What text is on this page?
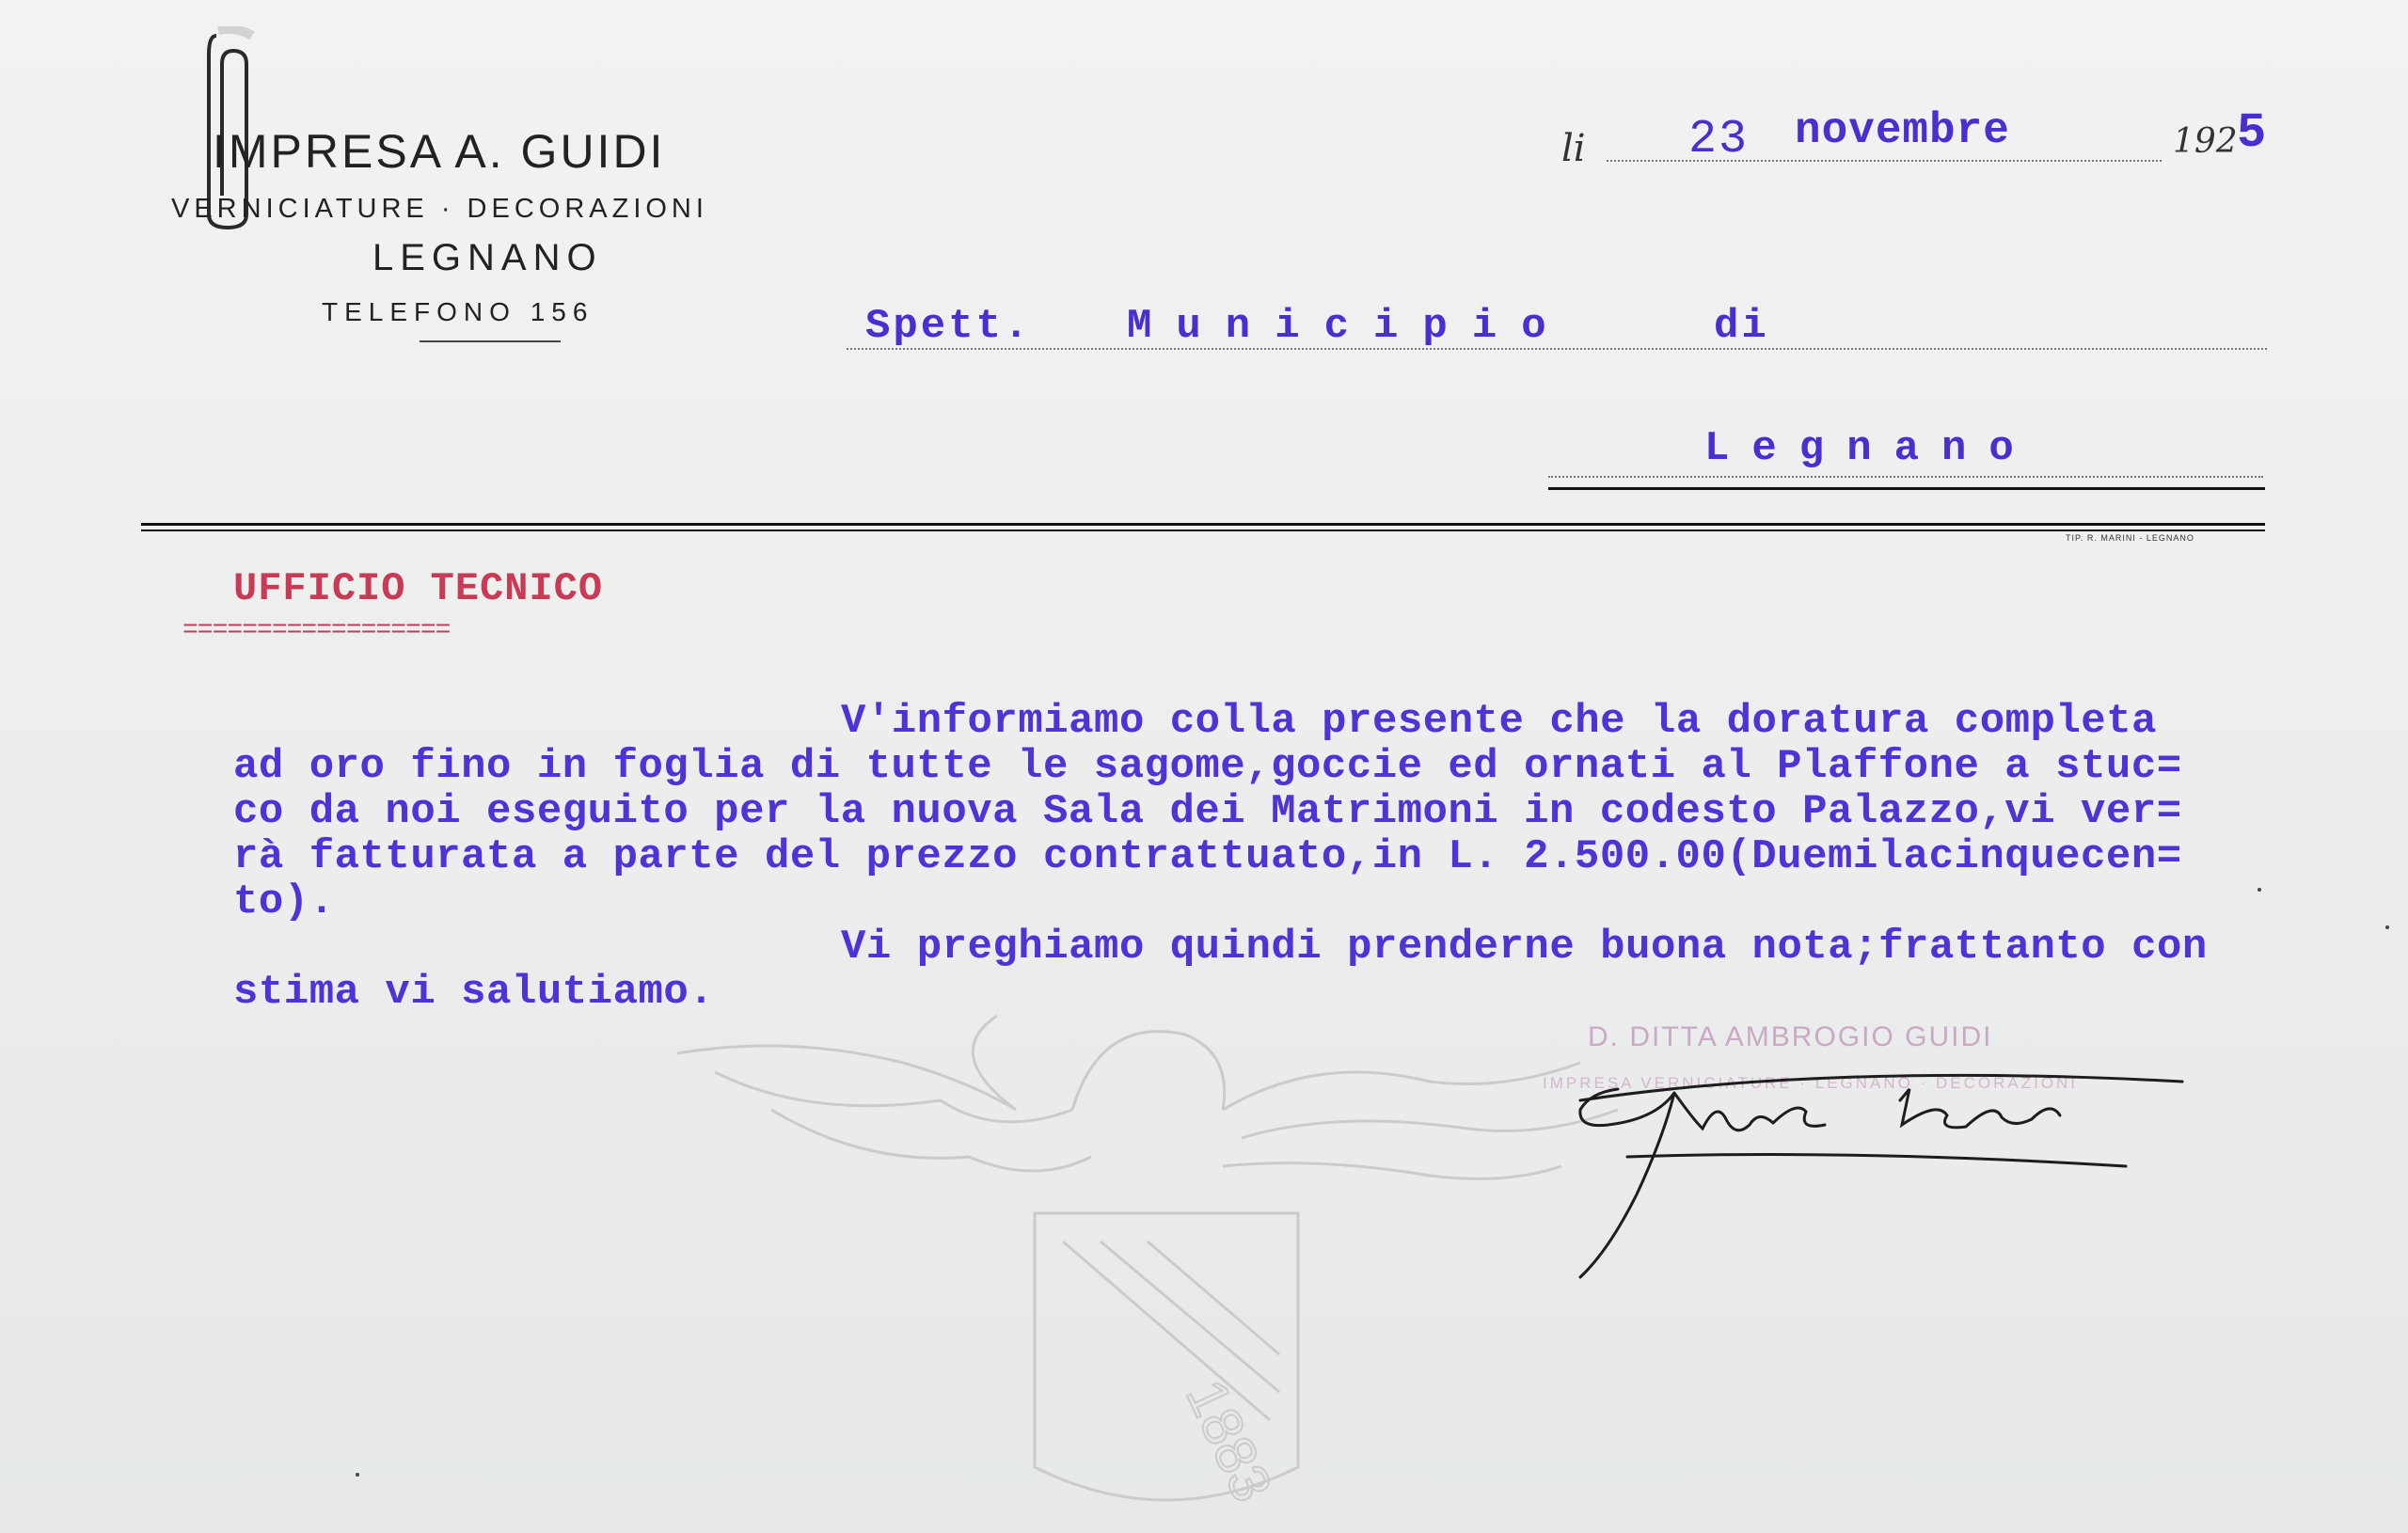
IMPRESA A. GUIDI
VERNICIATURE · DECORAZIONI
LEGNANO
TELEFONO 156
li 23 novembre	192 5
Spett. Municipio	di
Legnano
TIP. R. MARINI - LEGNANO
UFFICIO TECNICO
==================
V'informiamo colla presente che la doratura completa
ad oro fino in foglia di tutte le sagome,goccie ed ornati al Plaffone a stuc=
co da noi eseguito per la nuova Sala dei Matrimoni in codesto Palazzo,vi ver=
rà fatturata a parte del prezzo contrattuato,in L. 2.500.00(Duemilacinquecen=
to).
Vi preghiamo quindi prenderne buona nota;frattanto con
stima vi salutiamo.
1883
D. DITTA AMBROGIO GUIDI
IMPRESA VERNICIATURE · LEGNANO · DECORAZIONI
